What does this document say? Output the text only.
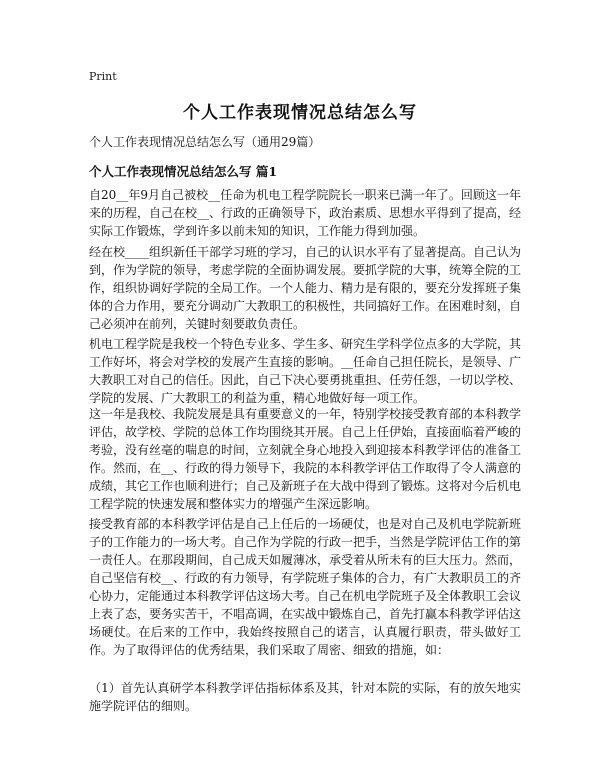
Print
个人工作表现情况总结怎么写
个人工作表现情况总结怎么写（通用29篇）
个人工作表现情况总结怎么写 篇1
自20__年9月自己被校__任命为机电工程学院院长一职来已满一年了。回顾这一年来的历程，自己在校__、行政的正确领导下，政治素质、思想水平得到了提高，经实际工作锻炼，学到许多以前未知的知识，工作能力得到加强。
经在校____组织新任干部学习班的学习，自己的认识水平有了显著提高。自己认为到，作为学院的领导，考虑学院的全面协调发展。要抓学院的大事，统筹全院的工作，组织协调好学院的全局工作。一个人能力、精力是有限的，要充分发挥班子集体的合力作用，要充分调动广大教职工的积极性，共同搞好工作。在困难时刻，自己必须冲在前列，关键时刻要敢负责任。
机电工程学院是我校一个特色专业多、学生多、研究生学科学位点多的大学院，其工作好坏，将会对学校的发展产生直接的影响。__任命自己担任院长，是领导、广大教职工对自己的信任。因此，自己下决心要勇挑重担、任劳任怨，一切以学校、学院的发展、广大教职工的利益为重，精心地做好每一项工作。
这一年是我校、我院发展是具有重要意义的一年，特别学校接受教育部的本科教学评估，故学校、学院的总体工作均围绕其开展。自己上任伊始，直接面临着严峻的考验，没有丝毫的喘息的时间，立刻就全身心地投入到迎接本科教学评估的准备工作。然而，在__、行政的得力领导下，我院的本科教学评估工作取得了令人满意的成绩，其它工作也顺利进行；自己及新班子在大战中得到了锻炼。这将对今后机电工程学院的快速发展和整体实力的增强产生深远影响。
接受教育部的本科教学评估是自己上任后的一场硬仗，也是对自己及机电学院新班子的工作能力的一场大考。自己作为学院的行政一把手，当然是学院评估工作的第一责任人。在那段期间，自己成天如履薄冰，承受着从所未有的巨大压力。然而，自己坚信有校__、行政的有力领导，有学院班子集体的合力，有广大教职员工的齐心协力，定能通过本科教学评估这场大考。自己在机电学院班子及全体教职工会议上表了态，要务实苦干，不唱高调，在实战中锻炼自己，首先打赢本科教学评估这场硬仗。在后来的工作中，我始终按照自己的诺言，认真履行职责，带头做好工作。为了取得评估的优秀结果，我们采取了周密、细致的措施，如：
（1）首先认真研学本科教学评估指标体系及其，针对本院的实际，有的放矢地实施学院评估的细则。
